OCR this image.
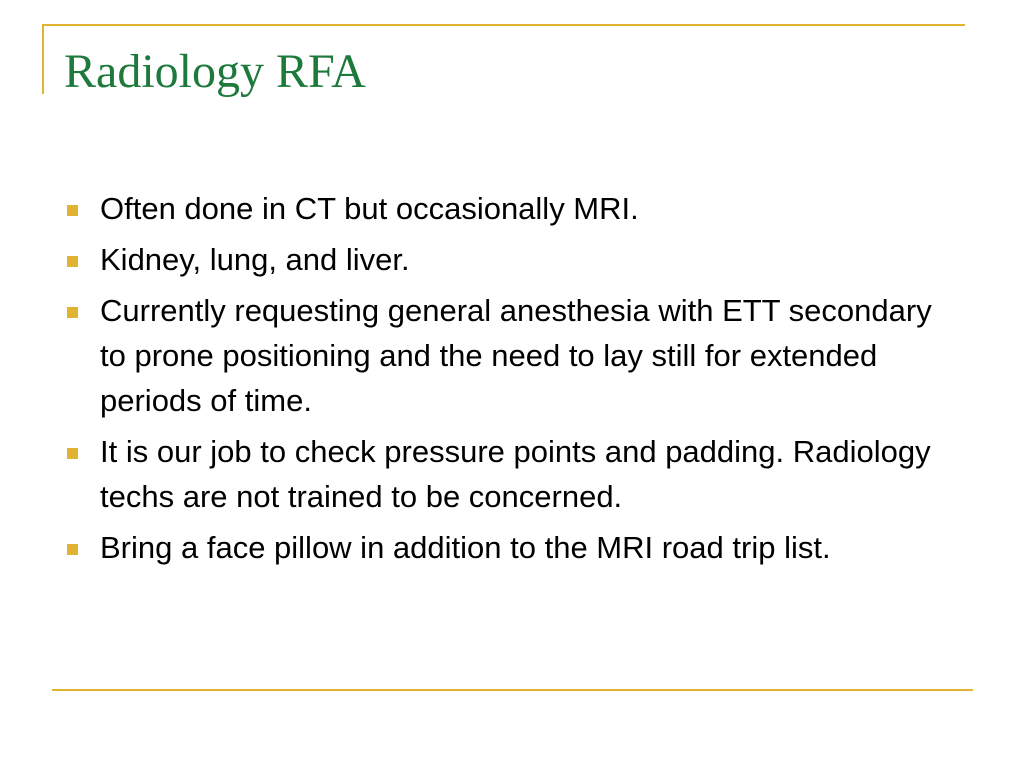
Radiology RFA
Often done in CT but occasionally MRI.
Kidney, lung, and liver.
Currently requesting general anesthesia with ETT secondary to prone positioning and the need to lay still for extended periods of time.
It is our job to check pressure points and padding. Radiology techs are not trained to be concerned.
Bring a face pillow in addition to the MRI road trip list.
